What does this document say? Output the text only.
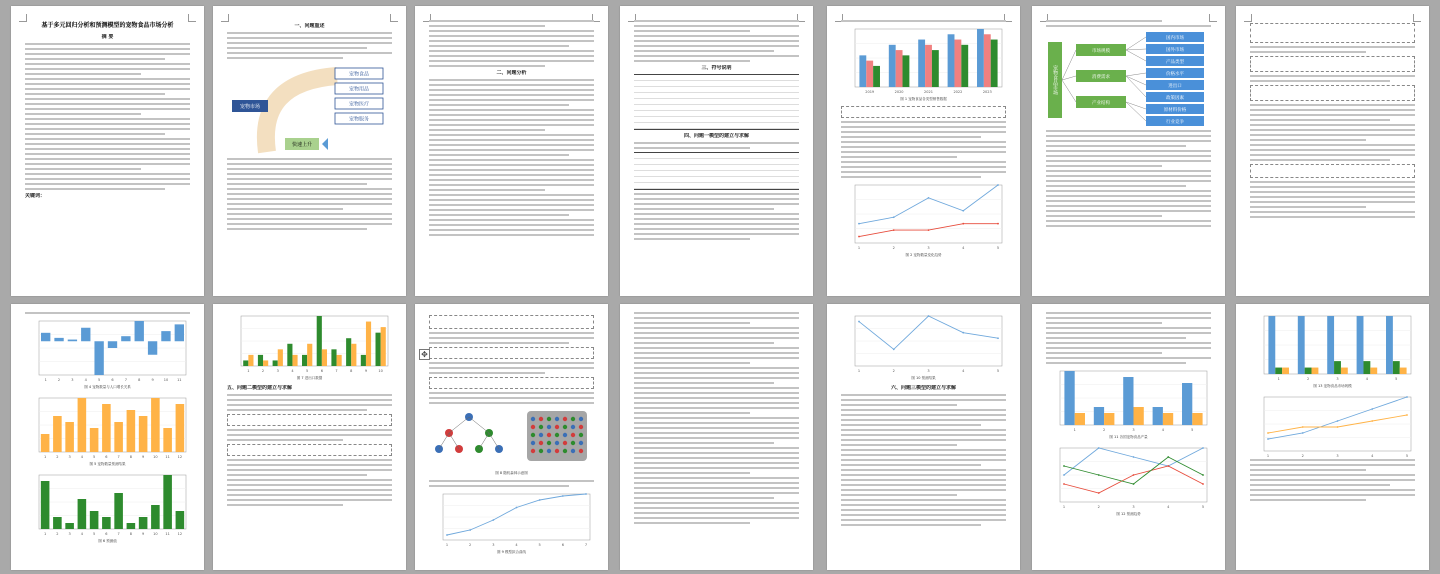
基于多元回归分析和预测模型的宠物食品市场分析
摘 要
关键词：
一、问题重述
宠物市场
宠物食品
宠物用品
宠物医疗
宠物服务
快速上升
二、问题分析
三、符号说明
四、问题一模型的建立与求解
2019	2020	2021	2022	2023
图 1 宠物食品各类型销售数据
1	2	3	4	5
图 2 宠物数量变化趋势
宠物食品市场
市场规模
消费需求
产业结构
国内市场
国外市场
产品类型
价格水平
进出口
政策因素
原材料价格
行业竞争
1	2	3	4	5	6	7	8	9	10	11
图 4 宠物数量与人口增长关系
1	2	3	4	5	6	7	8	9	10 11 12
图 5 宠物数量预测结果
1	2	3	4	5	6	7	8	9	10 11 12
图 6 预测值
1	2	3	4	5	6	7	8	9	10
图 7 进出口数据
五、问题二模型的建立与求解
图 8 随机森林示意图
1	2	3	4	5	6	7
图 9 模型拟合曲线
✥
1	2	3	4	5
图 10 预测结果
六、问题三模型的建立与求解
1	2	3	4	5
图 11 各国宠物食品产量
1	2	3	4	5
图 12 预测趋势
1	2	3	4	5
图 13 宠物食品市场规模
1	2	3	4	5
